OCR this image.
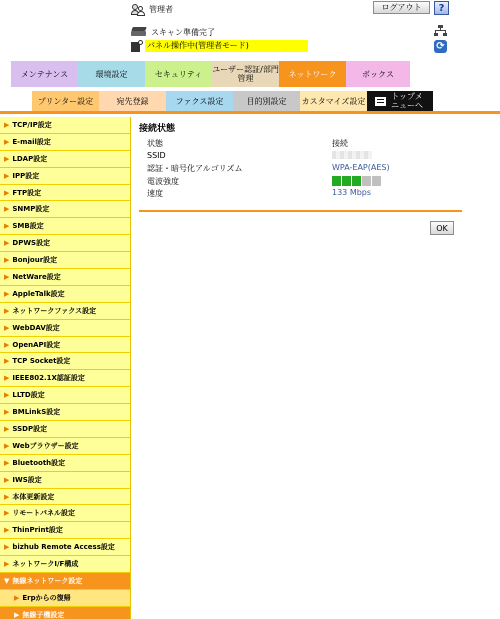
管理者	ログアウト	?
スキャン準備完了
パネル操作中(管理者モード)	⟳
メンテナンス	環境設定	セキュリティ	ユーザー認証/部門管理	ネットワーク	ボックス
プリンター設定	宛先登録	ファクス設定	目的別設定	カスタマイズ設定	トップメニューへ
▶ TCP/IP設定
▶ E-mail設定
▶ LDAP設定
▶ IPP設定
▶ FTP設定
▶ SNMP設定
▶ SMB設定
▶ DPWS設定
▶ Bonjour設定
▶ NetWare設定
▶ AppleTalk設定
▶ ネットワークファクス設定
▶ WebDAV設定
▶ OpenAPI設定
▶ TCP Socket設定
▶ IEEE802.1X認証設定
▶ LLTD設定
▶ BMLinkS設定
▶ SSDP設定
▶ Webブラウザー設定
▶ Bluetooth設定
▶ IWS設定
▶ 本体更新設定
▶ リモートパネル設定
▶ ThinPrint設定
▶ bizhub Remote Access設定
▶ ネットワークI/F構成
▼ 無線ネットワーク設定
▶ Erpからの復帰
▶ 無線子機設定
接続状態
状態	接続
SSID
認証・暗号化アルゴリズム	WPA-EAP(AES)
電波強度
速度	133 Mbps
OK
